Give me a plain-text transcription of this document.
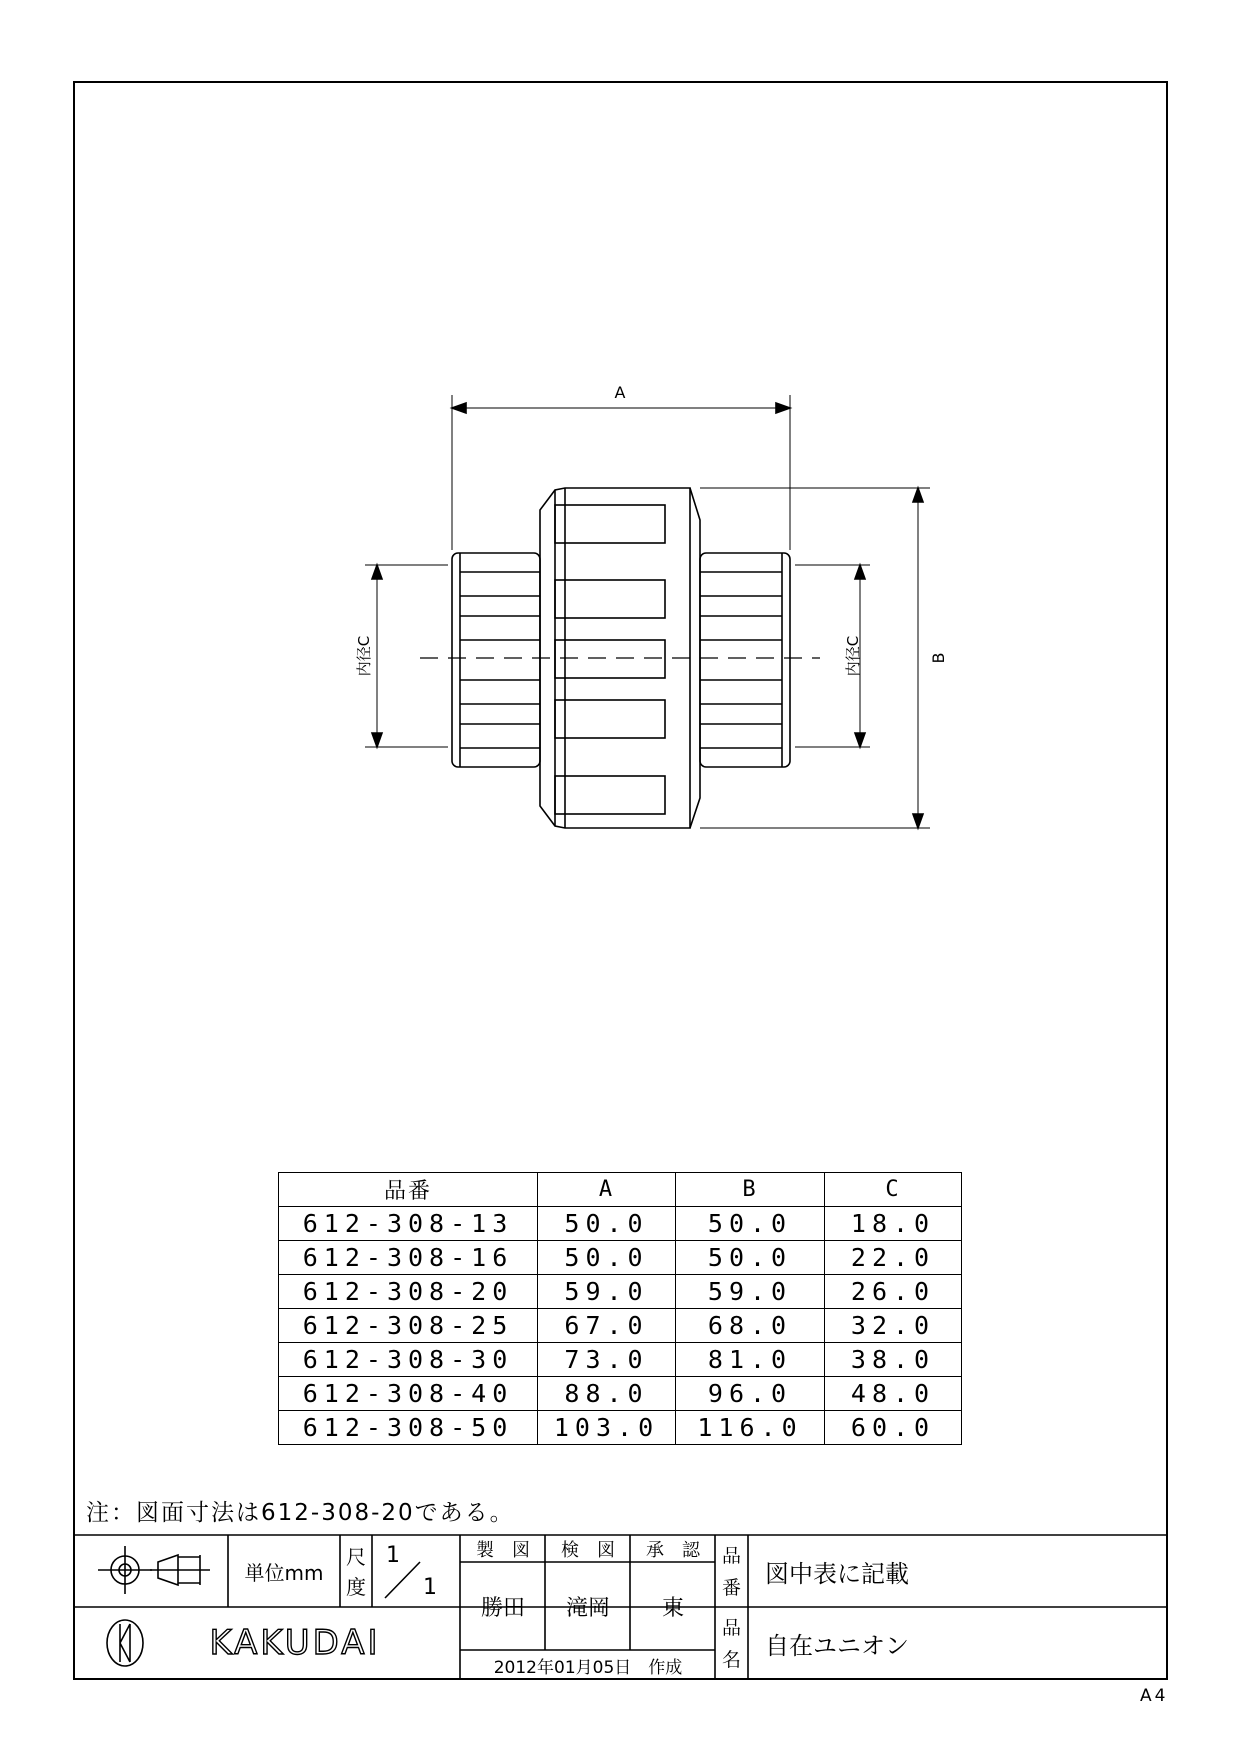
A
B
内径C	内径C
品番	A	B	C
612-308-13	50.0	50.0	18.0
612-308-16	50.0	50.0	22.0
612-308-20	59.0	59.0	26.0
612-308-25	67.0	68.0	32.0
612-308-30	73.0	81.0	38.0
612-308-40	88.0	96.0	48.0
612-308-50	103.0	116.0	60.0
注：図面寸法は612-308-20である。
単位mm
尺
度
1
1
製　図	検　図	承　認
勝田	滝岡	東
2012年01月05日　作成
品
番
品
名
図中表に記載
自在ユニオン
KAKUDAI
A4
